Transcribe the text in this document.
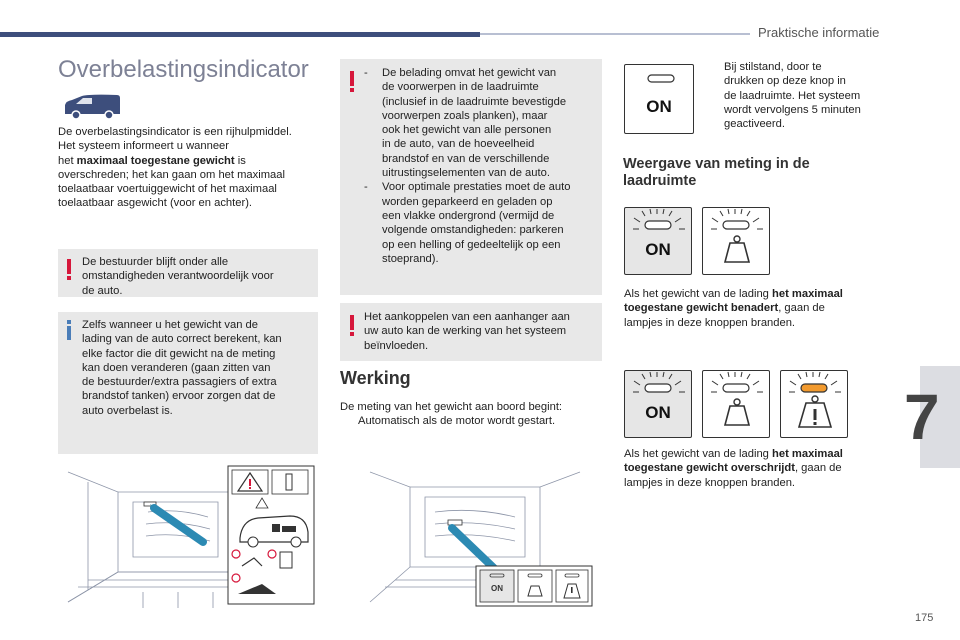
Praktische informatie
Overbelastingsindicator
De overbelastingsindicator is een rijhulpmiddel.
Het systeem informeert u wanneer
het maximaal toegestane gewicht is
overschreden; het kan gaan om het maximaal
toelaatbaar voertuiggewicht of het maximaal
toelaatbaar asgewicht (voor en achter).
De bestuurder blijft onder alle
omstandigheden verantwoordelijk voor
de auto.
Zelfs wanneer u het gewicht van de
lading van de auto correct berekent, kan
elke factor die dit gewicht na de meting
kan doen veranderen (gaan zitten van
de bestuurder/extra passagiers of extra
brandstof tanken) ervoor zorgen dat de
auto overbelast is.
-	De belading omvat het gewicht van
de voorwerpen in de laadruimte
(inclusief in de laadruimte bevestigde
voorwerpen zoals planken), maar
ook het gewicht van alle personen
in de auto, van de hoeveelheid
brandstof en van de verschillende
uitrustingselementen van de auto.
-	Voor optimale prestaties moet de auto
worden geparkeerd en geladen op
een vlakke ondergrond (vermijd de
volgende omstandigheden: parkeren
op een helling of gedeeltelijk op een
stoeprand).
Het aankoppelen van een aanhanger aan
uw auto kan de werking van het systeem
beïnvloeden.
Werking
De meting van het gewicht aan boord begint:
Automatisch als de motor wordt gestart.
ON
ON
Bij stilstand, door te
drukken op deze knop in
de laadruimte. Het systeem
wordt vervolgens 5 minuten
geactiveerd.
Weergave van meting in de
laadruimte
ON
Als het gewicht van de lading het maximaal
toegestane gewicht benadert, gaan de
lampjes in deze knoppen branden.
ON
Als het gewicht van de lading het maximaal
toegestane gewicht overschrijdt, gaan de
lampjes in deze knoppen branden.
7
175
